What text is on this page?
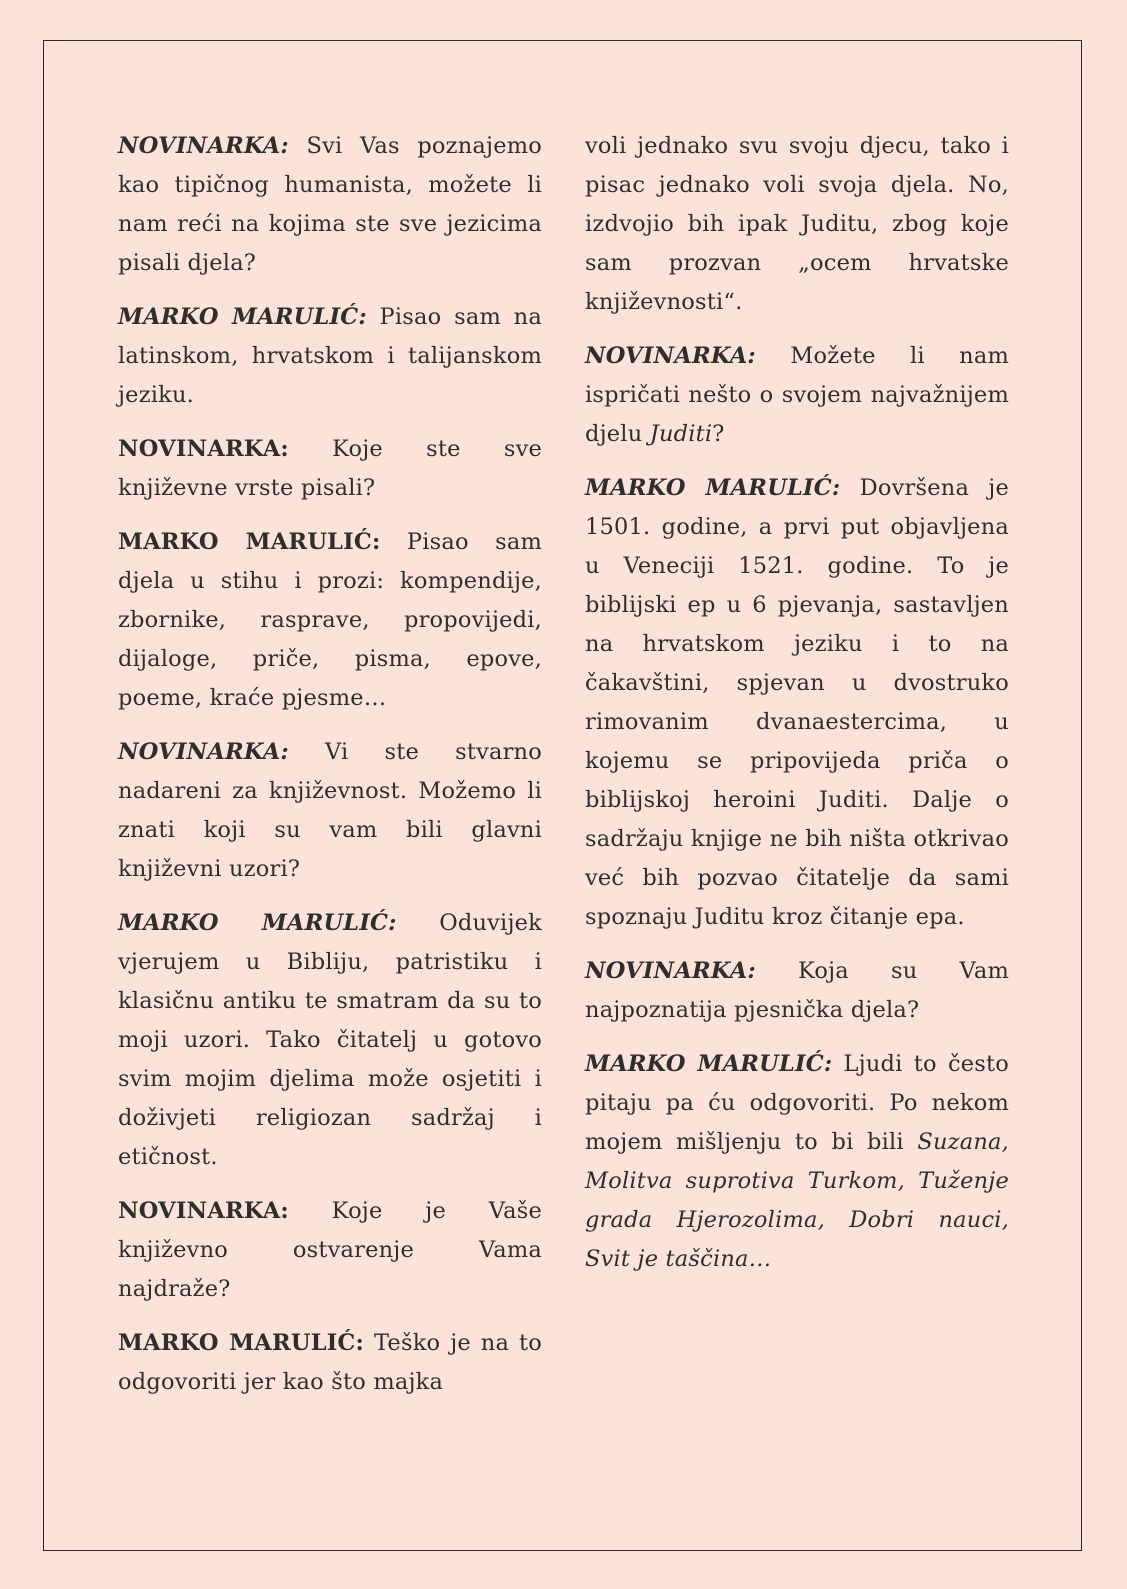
NOVINARKA: Svi Vas poznajemo kao tipičnog humanista, možete li nam reći na kojima ste sve jezicima pisali djela?

MARKO MARULIĆ: Pisao sam na latinskom, hrvatskom i talijanskom jeziku.

NOVINARKA: Koje ste sve književne vrste pisali?

MARKO MARULIĆ: Pisao sam djela u stihu i prozi: kompendije, zbornike, rasprave, propovijedi, dijaloge, priče, pisma, epove, poeme, kraće pjesme…

NOVINARKA: Vi ste stvarno nadareni za književnost. Možemo li znati koji su vam bili glavni književni uzori?

MARKO MARULIĆ: Oduvijek vjerujem u Bibliju, patristiku i klasičnu antiku te smatram da su to moji uzori. Tako čitatelj u gotovo svim mojim djelima može osjetiti i doživjeti religiozan sadržaj i etičnost.

NOVINARKA: Koje je Vaše književno ostvarenje Vama najdraže?

MARKO MARULIĆ: Teško je na to odgovoriti jer kao što majka

voli jednako svu svoju djecu, tako i pisac jednako voli svoja djela. No, izdvojio bih ipak Juditu, zbog koje sam prozvan „ocem hrvatske književnosti“.

NOVINARKA: Možete li nam ispričati nešto o svojem najvažnijem djelu Juditi?

MARKO MARULIĆ: Dovršena je 1501. godine, a prvi put objavljena u Veneciji 1521. godine. To je biblijski ep u 6 pjevanja, sastavljen na hrvatskom jeziku i to na čakavštini, spjevan u dvostruko rimovanim dvanaestercima, u kojemu se pripovijeda priča o biblijskoj heroini Juditi. Dalje o sadržaju knjige ne bih ništa otkrivao već bih pozvao čitatelje da sami spoznaju Juditu kroz čitanje epa.

NOVINARKA: Koja su Vam najpoznatija pjesnička djela?

MARKO MARULIĆ: Ljudi to često pitaju pa ću odgovoriti. Po nekom mojem mišljenju to bi bili Suzana, Molitva suprotiva Turkom, Tuženje grada Hjerozolima, Dobri nauci, Svit je taščina…
